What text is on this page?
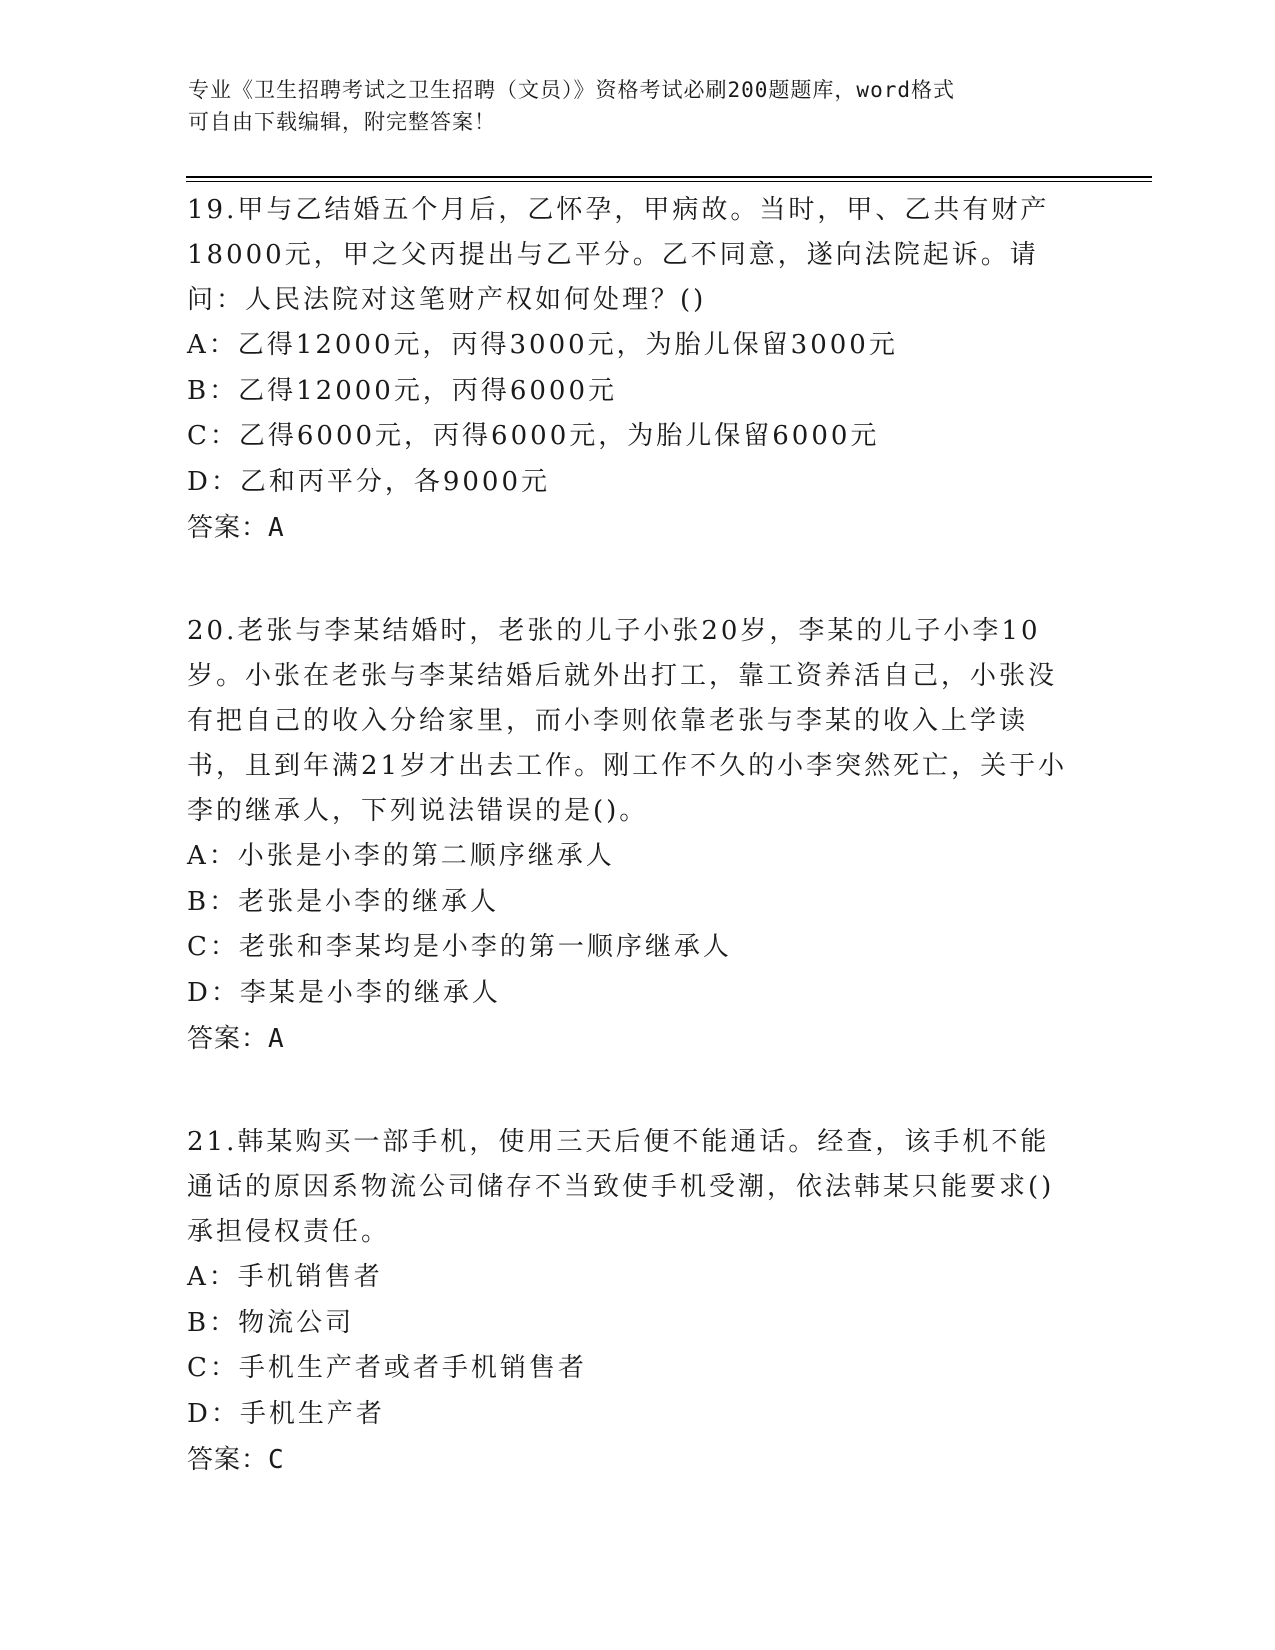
专业《卫生招聘考试之卫生招聘（文员）》资格考试必刷200题题库，word格式
可自由下载编辑，附完整答案！
19.甲与乙结婚五个月后，乙怀孕，甲病故。当时，甲、乙共有财产18000元，甲之父丙提出与乙平分。乙不同意，遂向法院起诉。请问：人民法院对这笔财产权如何处理？()
A：乙得12000元，丙得3000元，为胎儿保留3000元
B：乙得12000元，丙得6000元
C：乙得6000元，丙得6000元，为胎儿保留6000元
D：乙和丙平分，各9000元
答案：A
20.老张与李某结婚时，老张的儿子小张20岁，李某的儿子小李10岁。小张在老张与李某结婚后就外出打工，靠工资养活自己，小张没有把自己的收入分给家里，而小李则依靠老张与李某的收入上学读书，且到年满21岁才出去工作。刚工作不久的小李突然死亡，关于小李的继承人，下列说法错误的是()。
A：小张是小李的第二顺序继承人
B：老张是小李的继承人
C：老张和李某均是小李的第一顺序继承人
D：李某是小李的继承人
答案：A
21.韩某购买一部手机，使用三天后便不能通话。经查，该手机不能通话的原因系物流公司储存不当致使手机受潮，依法韩某只能要求()承担侵权责任。
A：手机销售者
B：物流公司
C：手机生产者或者手机销售者
D：手机生产者
答案：C
